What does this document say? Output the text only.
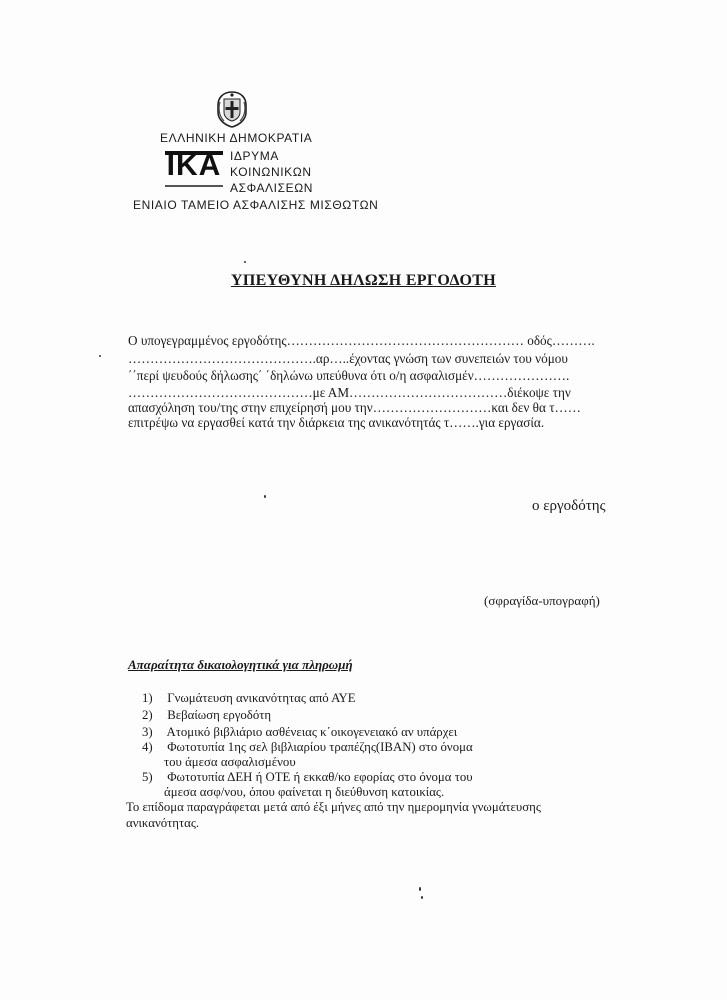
ΕΛΛΗΝΙΚΗ ΔΗΜΟΚΡΑΤΙΑ
ΙΔΡΥΜΑ
ΚΟΙΝΩΝΙΚΩΝ
ΑΣΦΑΛΙΣΕΩΝ
ΕΝΙΑΙΟ ΤΑΜΕΙΟ ΑΣΦΑΛΙΣΗΣ ΜΙΣΘΩΤΩΝ
ΙΚΑ
ΥΠΕΥΘΥΝΗ ΔΗΛΩΣΗ ΕΡΓΟΔΟΤΗ
Ο υπογεγραμμένος εργοδότης……………………………………………… οδός……….
…………………………………….αρ…..έχοντας γνώση των συνεπειών του νόμου
΄΄περί ψευδούς δήλωσης΄ ΄δηλώνω υπεύθυνα ότι ο/η ασφαλισμέν………………….
……………………………………με ΑΜ………………………………διέκοψε την
απασχόληση του/της στην επιχείρησή μου την………………………και δεν θα τ……
επιτρέψω να εργασθεί κατά την διάρκεια της ανικανότητάς τ…….για εργασία.
ο εργοδότης
(σφραγίδα-υπογραφή)
Απαραίτητα δικαιολογητικά για πληρωμή
1) Γνωμάτευση ανικανότητας από ΑΥΕ
2) Βεβαίωση εργοδότη
3) Ατομικό βιβλιάριο ασθένειας κ΄οικογενειακό αν υπάρχει
4) Φωτοτυπία 1ης σελ βιβλιαρίου τραπέζης(IBAN) στο όνομα
του άμεσα ασφαλισμένου
5) Φωτοτυπία ΔΕΗ ή ΟΤΕ ή εκκαθ/κο εφορίας στο όνομα του
άμεσα ασφ/νου, όπου φαίνεται η διεύθυνση κατοικίας.
Το επίδομα παραγράφεται μετά από έξι μήνες από την ημερομηνία γνωμάτευσης
ανικανότητας.
